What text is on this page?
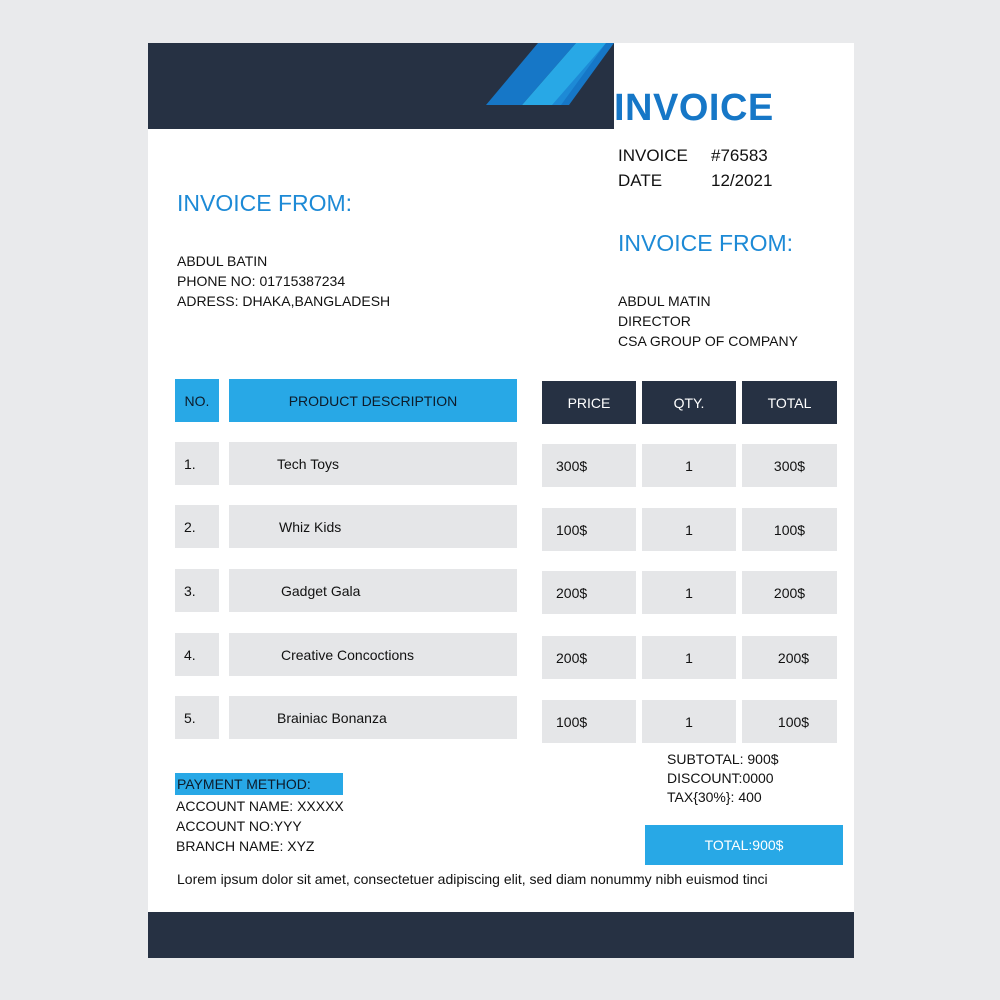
INVOICE
INVOICE #76583
DATE	12/2021
INVOICE FROM:
ABDUL BATIN
PHONE NO: 01715387234
ADRESS: DHAKA,BANGLADESH
INVOICE FROM:
ABDUL MATIN
DIRECTOR
CSA GROUP OF COMPANY
NO.	PRODUCT DESCRIPTION	PRICE	QTY.	TOTAL
1.	Tech Toys	300$	1	300$
2.	Whiz Kids	100$	1	100$
3.	Gadget Gala	200$	1	200$
4.	Creative Concoctions	200$	1	200$
5.	Brainiac Bonanza	100$	1	100$
SUBTOTAL: 900$
DISCOUNT:0000
TAX{30%}: 400
TOTAL:900$
PAYMENT METHOD:
ACCOUNT NAME: XXXXX
ACCOUNT NO:YYY
BRANCH NAME: XYZ
Lorem ipsum dolor sit amet, consectetuer adipiscing elit, sed diam nonummy nibh euismod tinci
